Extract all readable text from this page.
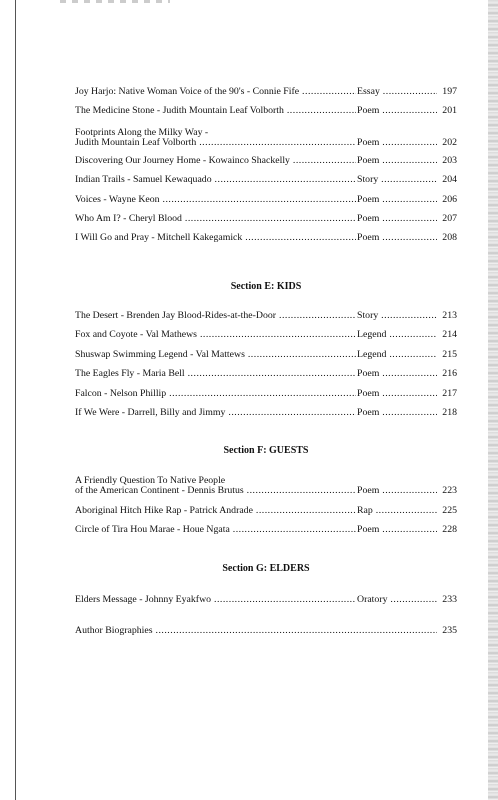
Joy Harjo: Native Woman Voice of the 90's - Connie Fife .....	Essay .....	197
The Medicine Stone - Judith Mountain Leaf Volborth .....	Poem .....	201
Footprints Along the Milky Way -
Judith Mountain Leaf Volborth .....	Poem .....	202
Discovering Our Journey Home - Kowainco Shackelly .....	Poem .....	203
Indian Trails - Samuel Kewaquado .....	Story .....	204
Voices - Wayne Keon .....	Poem .....	206
Who Am I? - Cheryl Blood .....	Poem .....	207
I Will Go and Pray - Mitchell Kakegamick .....	Poem .....	208
Section E: KIDS
The Desert - Brenden Jay Blood-Rides-at-the-Door .....	Story .....	213
Fox and Coyote - Val Mathews .....	Legend .....	214
Shuswap Swimming Legend - Val Mattews .....	Legend .....	215
The Eagles Fly - Maria Bell .....	Poem .....	216
Falcon - Nelson Phillip .....	Poem .....	217
If We Were - Darrell, Billy and Jimmy .....	Poem .....	218
Section F: GUESTS
A Friendly Question To Native People
of the American Continent - Dennis Brutus .....	Poem .....	223
Aboriginal Hitch Hike Rap - Patrick Andrade .....	Rap .....	225
Circle of Tira Hou Marae - Houe Ngata .....	Poem .....	228
Section G: ELDERS
Elders Message - Johnny Eyakfwo .....	Oratory .....	233
Author Biographies .....	235
